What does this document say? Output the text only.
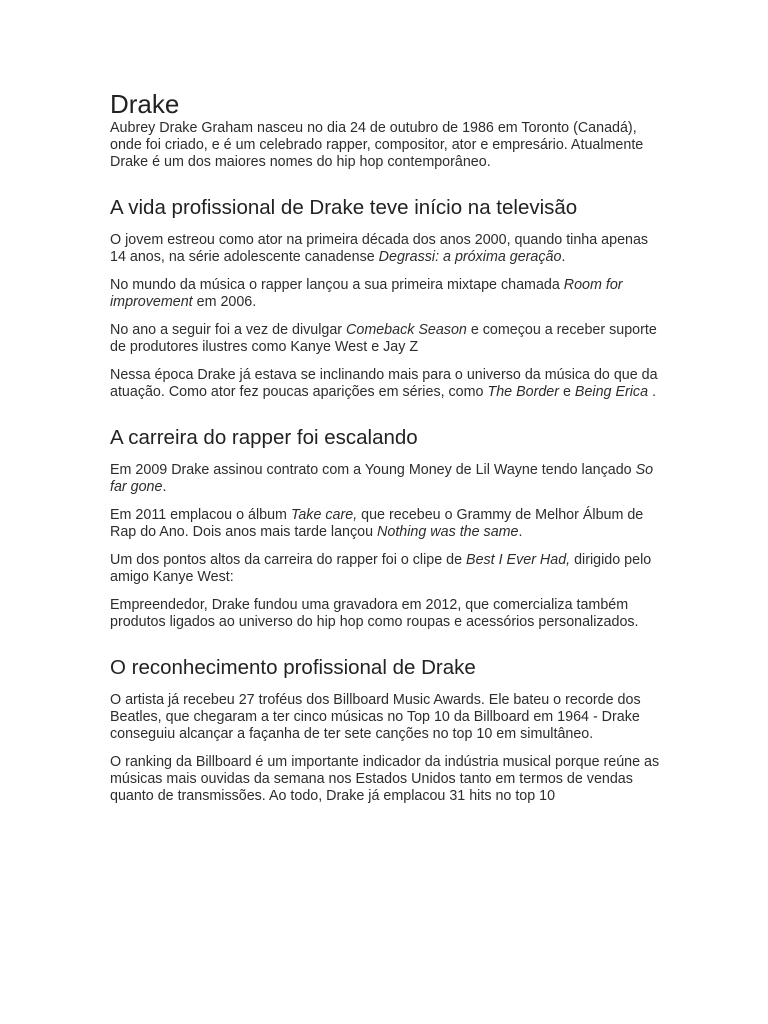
Drake

Aubrey Drake Graham nasceu no dia 24 de outubro de 1986 em Toronto (Canadá), onde foi criado, e é um celebrado rapper, compositor, ator e empresário. Atualmente Drake é um dos maiores nomes do hip hop contemporâneo.

A vida profissional de Drake teve início na televisão

O jovem estreou como ator na primeira década dos anos 2000, quando tinha apenas 14 anos, na série adolescente canadense Degrassi: a próxima geração.

No mundo da música o rapper lançou a sua primeira mixtape chamada Room for improvement em 2006.

No ano a seguir foi a vez de divulgar Comeback Season e começou a receber suporte de produtores ilustres como Kanye West e Jay Z

Nessa época Drake já estava se inclinando mais para o universo da música do que da atuação. Como ator fez poucas aparições em séries, como The Border e Being Erica .

A carreira do rapper foi escalando

Em 2009 Drake assinou contrato com a Young Money de Lil Wayne tendo lançado So far gone.

Em 2011 emplacou o álbum Take care, que recebeu o Grammy de Melhor Álbum de Rap do Ano. Dois anos mais tarde lançou Nothing was the same.

Um dos pontos altos da carreira do rapper foi o clipe de Best I Ever Had, dirigido pelo amigo Kanye West:

Empreendedor, Drake fundou uma gravadora em 2012, que comercializa também produtos ligados ao universo do hip hop como roupas e acessórios personalizados.

O reconhecimento profissional de Drake

O artista já recebeu 27 troféus dos Billboard Music Awards. Ele bateu o recorde dos Beatles, que chegaram a ter cinco músicas no Top 10 da Billboard em 1964 - Drake conseguiu alcançar a façanha de ter sete canções no top 10 em simultâneo.

O ranking da Billboard é um importante indicador da indústria musical porque reúne as músicas mais ouvidas da semana nos Estados Unidos tanto em termos de vendas quanto de transmissões. Ao todo, Drake já emplacou 31 hits no top 10
